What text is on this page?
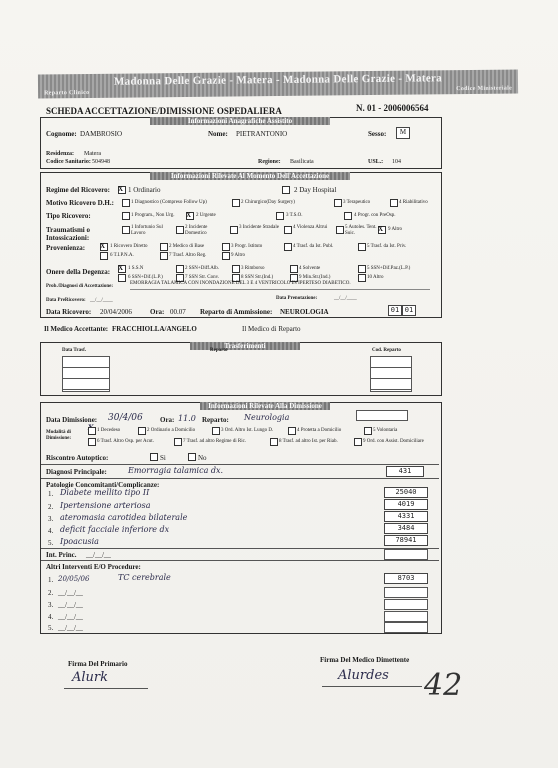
Madonna Delle Grazie - Matera - Madonna Delle Grazie - Matera
Reparto Clinico
Codice Ministeriale
SCHEDA ACCETTAZIONE/DIMISSIONE OSPEDALIERA	N. 01 - 2006006564
Informazioni Anagrafiche Assistito
Cognome: DAMBROSIO	Nome: PIETRANTONIO	Sesso:	M
Residenza: Matera
Codice Sanitario: 504948	Regione: Basilicata	USL.: 104
Informazioni Rilevate Al Momento Dell'Accettazione
Regime del Ricovero: X 1 Ordinario	2 Day Hospital
Motivo Ricovero D.H.:	1 Diagnostico (Compreso Follow Up)	2 Chirurgico(Day Surgery)	3 Terapeutico	4 Riabilitativo
Tipo Ricovero:	1 Program., Non Urg. X 2 Urgente	3 T.S.O.	4 Progr. con PreOsp.
Traumatismi o Intossicazioni:
1 Infortunio Sul Lavoro
2 Incidente Domestico
3 Incidente Stradale	4 Violenza Altrui	5 Autoles. Tent. Suic.
X 9 Altro
Provenienza: X 1 Ricovero Diretto	2 Medico di Base	3 Progr. Istituto	4 Trasf. da Ist. Publ.	5 Trasf. da Ist. Priv.
6 T.I.P.N.A.	7 Trasf. Altro Reg.	9 Altro
Onere della Degenza: X 1 S.S.N	2 SSN+Diff.Alb.	3 Rimborso	4 Solvente	5 SSN+Dif.Paz.(L.P.)
6 SSN+Dif.(L.P.)	7 SSN Str. Conv.	8 SSN Str.(Ind.)	9 Min.Str.(Ind.)	10 Altro
Prob./Diagnosi di Accettazione:
EMORRAGIA TALAMICA CON INONDAZIONE DEL 3 E 4 VENTRICOLO IN IPERTESO DIABETICO.
Data PreRicovero: __/__/____	Data Prenotazione:	__/__/____
Data Ricovero: 20/04/2006	Ora: 00.07 Reparto di Ammissione: NEUROLOGIA	01 01
Il Medico Accettante: FRACCHIOLLA/ANGELO	Il Medico di Reparto
Trasferimenti
Data Trasf.	Reparto	Cod. Reparto
Informazioni Rilevate Alla Dimissione
Data Dimissione: 30/4/06 Ora: 11.0 Reparto: Neurologia
Modalità di Dimissione:
1 Decedeso	2 Ordinario a Domicilio	3 Ord. Altro Ist. Lungo D.	4 Protetta a Domicilio	5 Volontaria
6 Trasf. Altro Osp. per Acut.	7 Trasf. ad altro Regime di Ric.	8 Trasf. ad altro Ist. per Riab.	9 Ord. con Assist. Domiciliare
Riscontro Autoptico:	Si	No
Diagnosi Principale:	Emorragia talamica dx.	431
Patologie Concomitanti/Complicanze:
1. Diabete mellito tipo II	25040
2. Ipertensione arteriosa	4019
3. ateromasia carotidea bilaterale	4331
4. deficit facciale inferiore dx	3484
5. Ipoacusia	78941
Int. Princ. __/__/__
Altri Interventi E/O Procedure:
1. 20/05/06	TC cerebrale	8703
2. __/__/__
3. __/__/__
4. __/__/__
5. __/__/__
Firma Del Primario
Alurk
Firma Del Medico Dimettente
Alurdes 42
